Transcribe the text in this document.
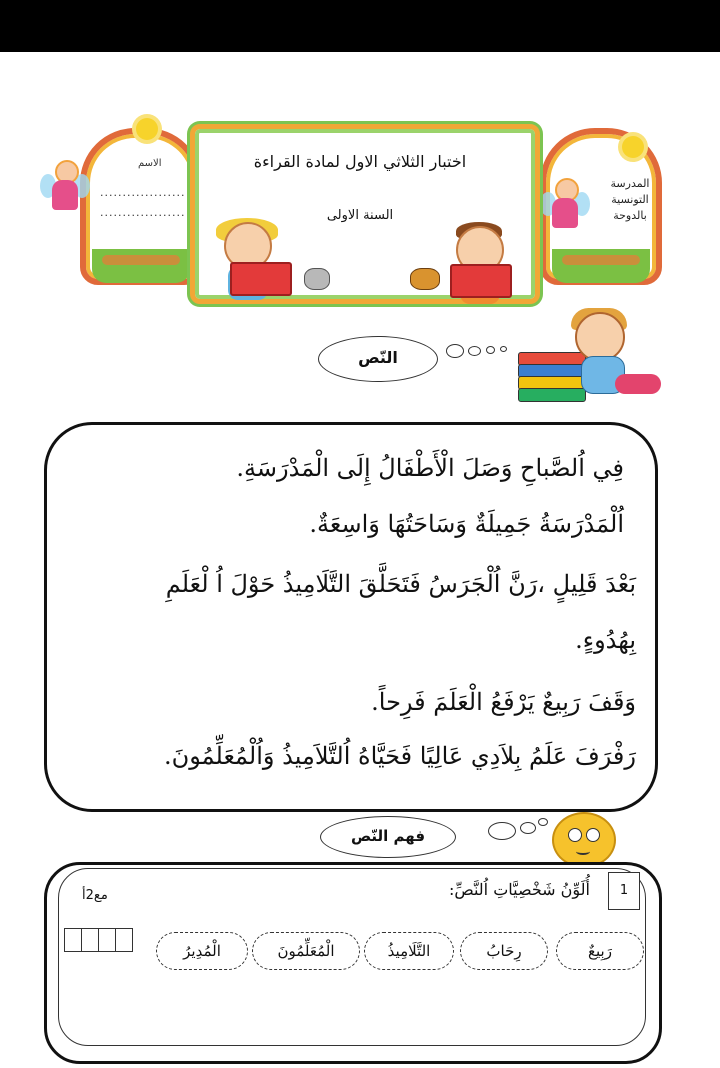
الاسم
...................
...................
المدرسة
التونسية
بالدوحة
اختبار الثلاثي الاول لمادة القراءة
السنة الاولى
النّص
فِي اُلصَّباحِ وَصَلَ الْأَطْفَالُ إِلَى الْمَدْرَسَةِ.
اُلْمَدْرَسَةُ جَمِيلَةٌ وَسَاحَتُهَا وَاسِعَةٌ.
بَعْدَ قَلِيلٍ ،رَنَّ اُلْجَرَسُ فَتَحَلَّقَ التَّلَامِيذُ حَوْلَ اُ لْعَلَمِ
بِهُدُوءٍ.
وَقَفَ رَبِيعٌ يَرْفَعُ الْعَلَمَ فَرِحاً.
رَفْرَفَ عَلَمُ بِلاَدِي عَالِيًا فَحَيَّاهُ اُلتَّلاَمِيذُ وَاُلْمُعَلِّمُونَ.
فهم النّص
1
أُلَوِّنُ شَخْصِيَّاتِ اُلنَّصِّ:
مع2أ
رَبِيعٌ
رِحَابُ
التَّلَامِيذُ
الْمُعَلِّمُونَ
الْمُدِيرُ
